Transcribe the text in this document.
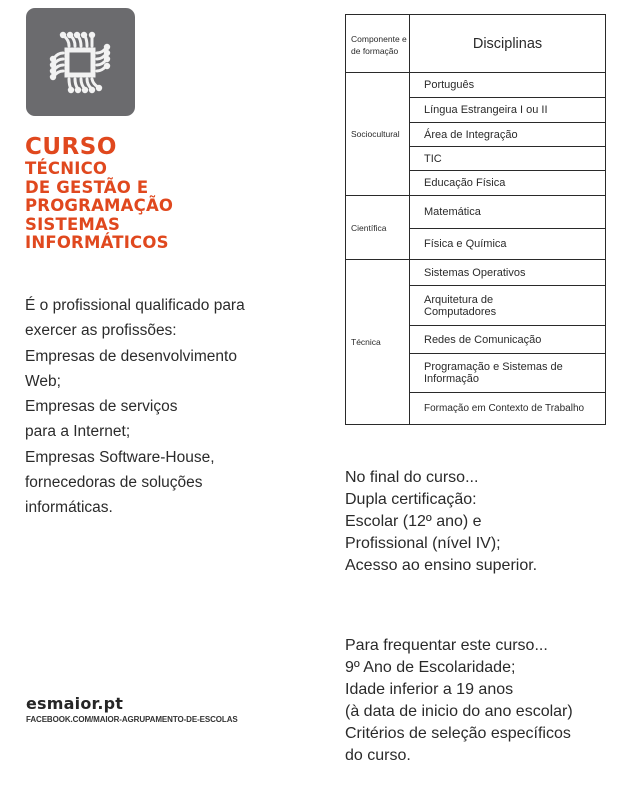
CURSO
TÉCNICO
DE GESTÃO E
PROGRAMAÇÃO
SISTEMAS
INFORMÁTICOS
É o profissional qualificado para
exercer as profissões:
Empresas de desenvolvimento
Web;
Empresas de serviços
para a Internet;
Empresas Software-House,
fornecedoras de soluções
informáticas.
esmaior.pt
FACEBOOK.COM/MAIOR-AGRUPAMENTO-DE-ESCOLAS
Componente e de formação	Disciplinas
Sociocultural	Português
	Língua Estrangeira I ou II
	Área de Integração
	TIC
	Educação Física
Científica	Matemática
	Física e Química
Técnica	Sistemas Operativos
	Arquitetura de Computadores
	Redes de Comunicação
	Programação e Sistemas de Informação
	Formação em Contexto de Trabalho
No final do curso...
Dupla certificação:
Escolar (12º ano) e
Profissional (nível IV);
Acesso ao ensino superior.
Para frequentar este curso...
9º Ano de Escolaridade;
Idade inferior a 19 anos
(à data de inicio do ano escolar)
Critérios de seleção específicos
do curso.
